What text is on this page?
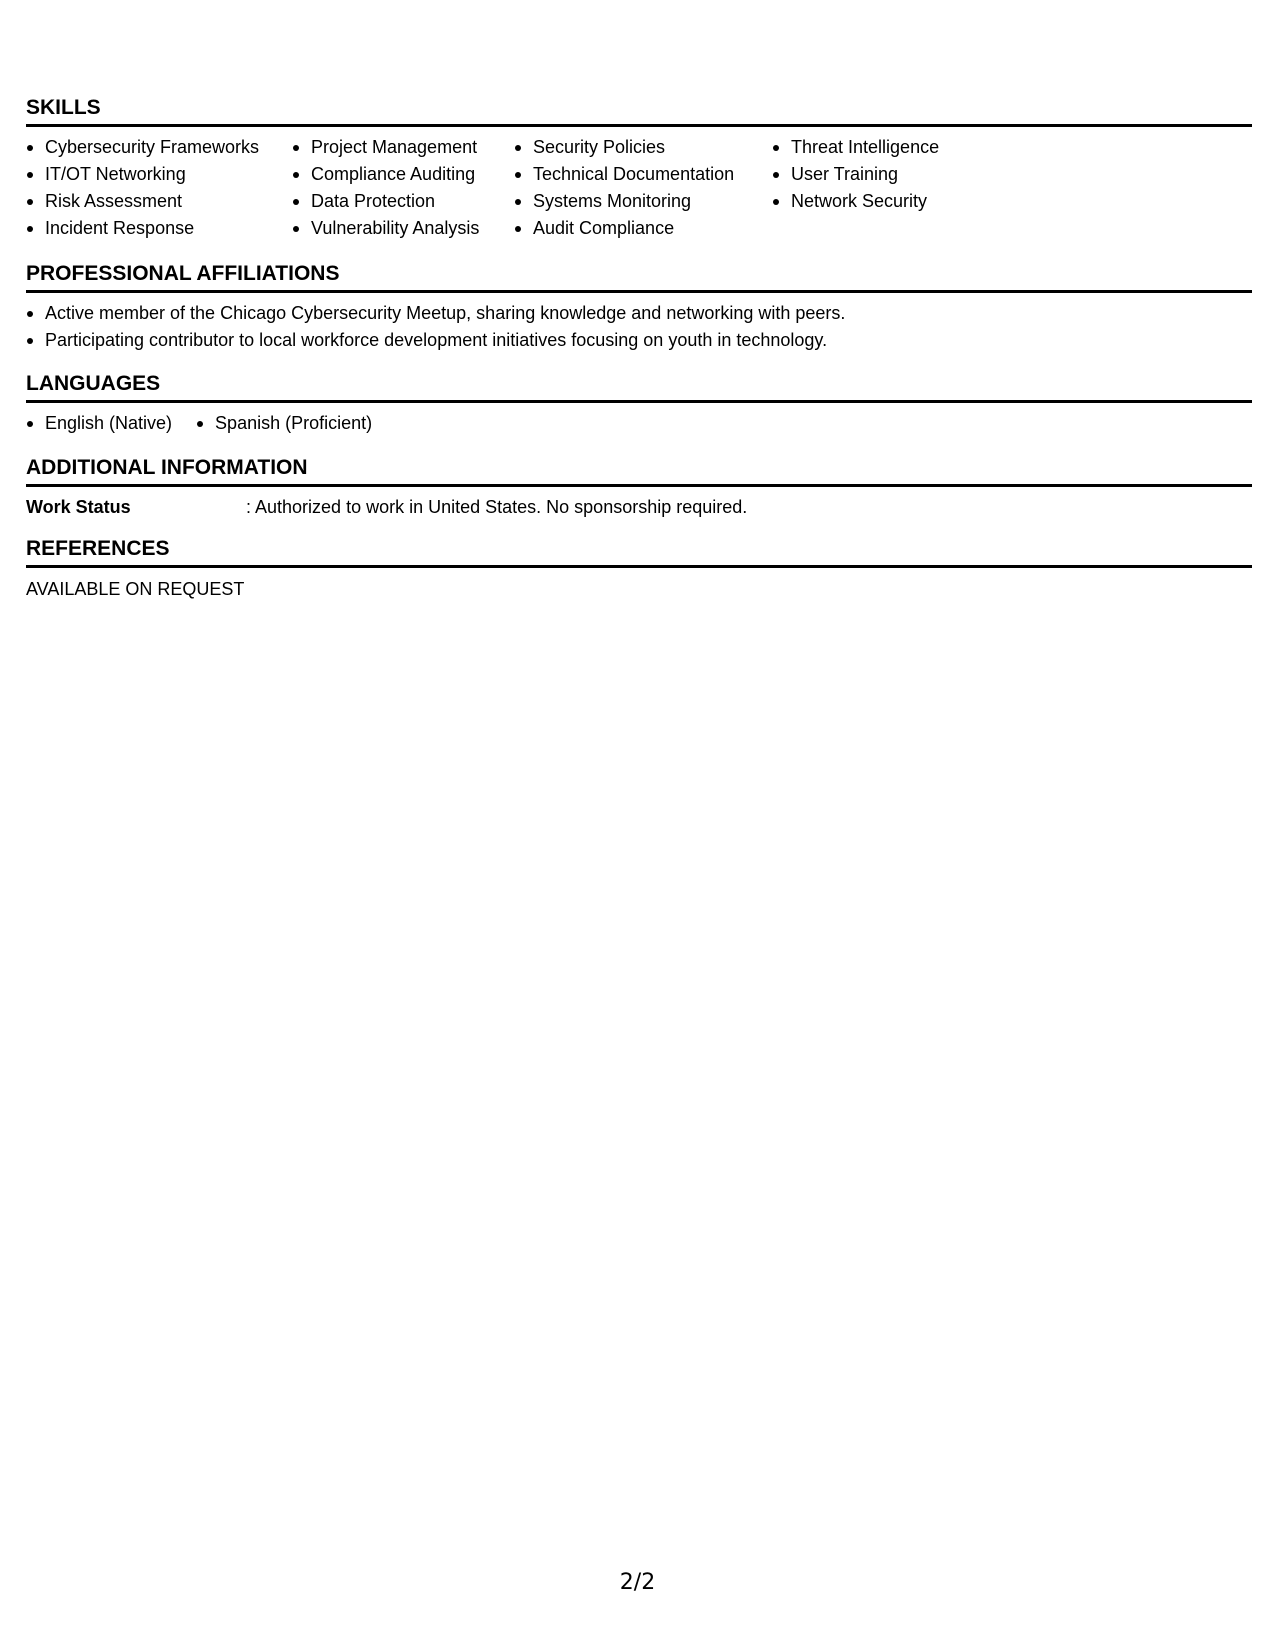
SKILLS
Cybersecurity Frameworks
IT/OT Networking
Risk Assessment
Incident Response
Project Management
Compliance Auditing
Data Protection
Vulnerability Analysis
Security Policies
Technical Documentation
Systems Monitoring
Audit Compliance
Threat Intelligence
User Training
Network Security
PROFESSIONAL AFFILIATIONS
Active member of the Chicago Cybersecurity Meetup, sharing knowledge and networking with peers.
Participating contributor to local workforce development initiatives focusing on youth in technology.
LANGUAGES
English (Native)	Spanish (Proficient)
ADDITIONAL INFORMATION
Work Status	: Authorized to work in United States. No sponsorship required.
REFERENCES
AVAILABLE ON REQUEST
2/2
